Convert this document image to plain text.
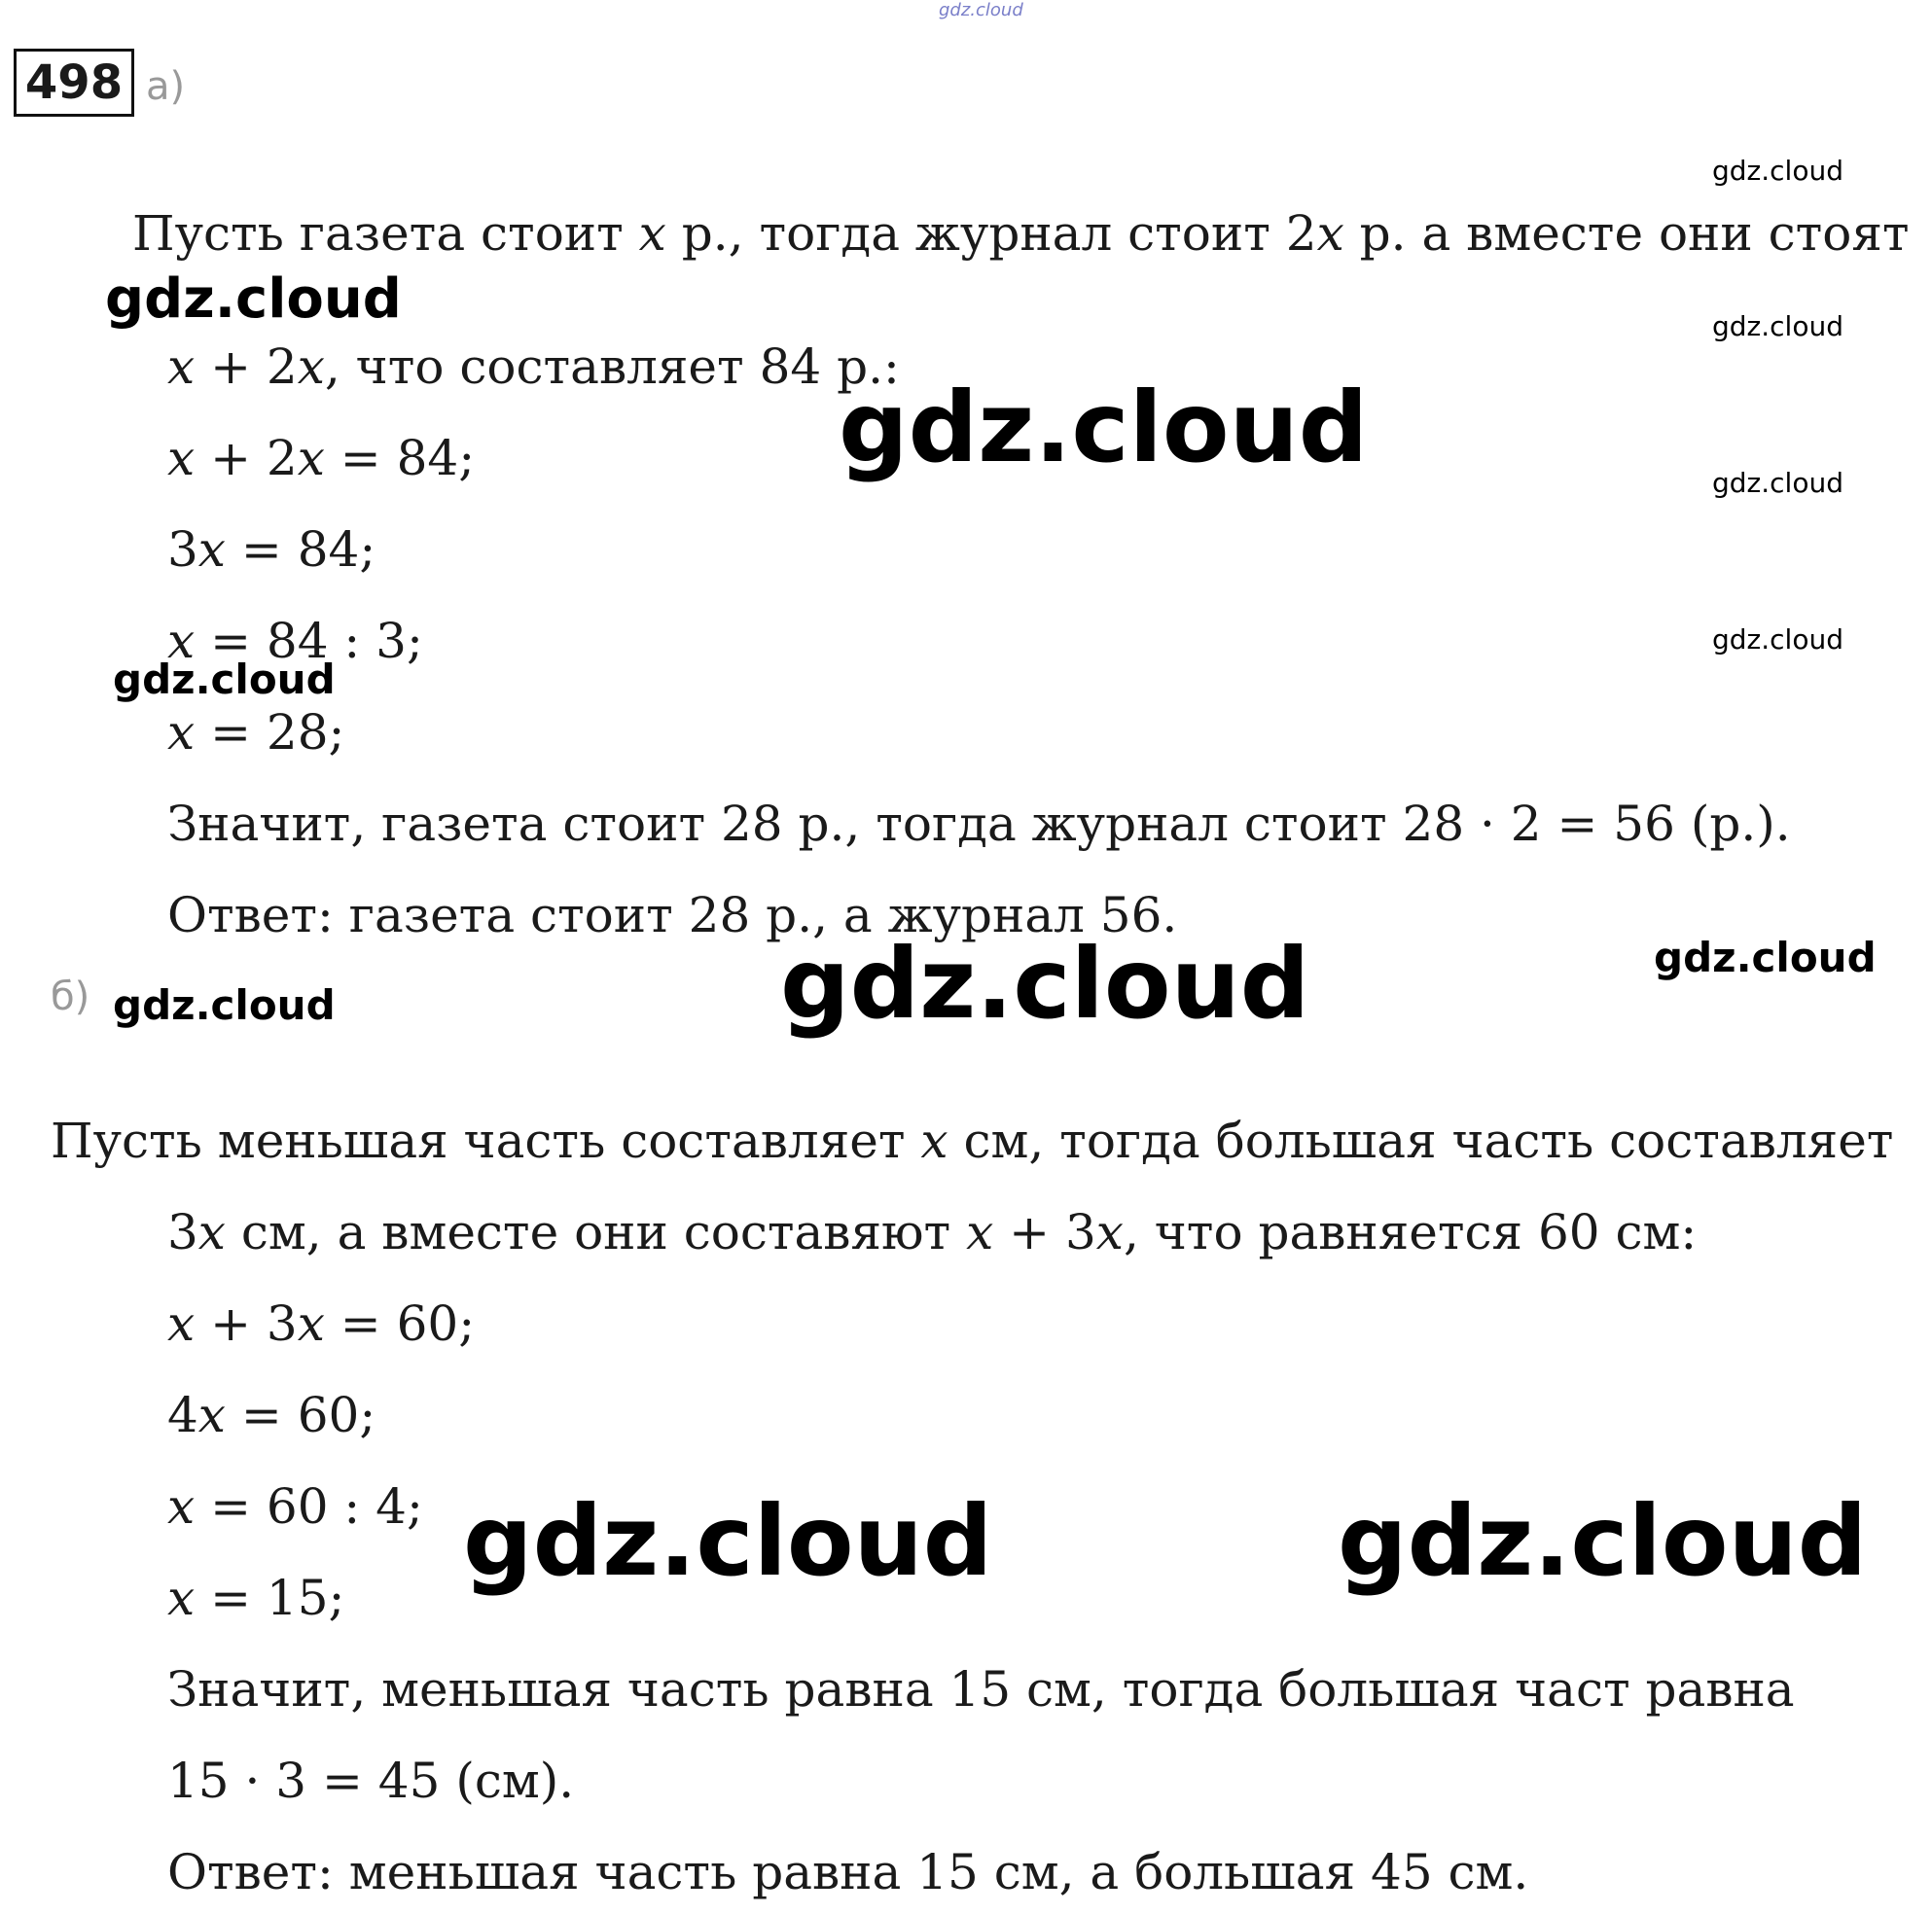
gdz.cloud
498 а)
Пусть газета стоит 𝑥 р., тогда журнал стоит 2𝑥 р. а вместе они стоят
𝑥 + 2𝑥, что составляет 84 р.:
𝑥 + 2𝑥 = 84;
3𝑥 = 84;
𝑥 = 84 : 3;
𝑥 = 28;
Значит, газета стоит 28 р., тогда журнал стоит 28 · 2 = 56 (р.).
Ответ: газета стоит 28 р., а журнал 56.
б)
Пусть меньшая часть составляет 𝑥 см, тогда большая часть составляет
3𝑥 см, а вместе они составяют 𝑥 + 3𝑥, что равняется 60 см:
𝑥 + 3𝑥 = 60;
4𝑥 = 60;
𝑥 = 60 : 4;
𝑥 = 15;
Значит, меньшая часть равна 15 см, тогда большая част равна
15 · 3 = 45 (см).
Ответ: меньшая часть равна 15 см, а большая 45 см.
gdz.cloud
gdz.cloud	gdz.cloud
gdz.cloud	gdz.cloud
gdz.cloud
gdz.cloud
gdz.cloud
gdz.cloud
gdz.cloud
gdz.cloud	gdz.cloud
